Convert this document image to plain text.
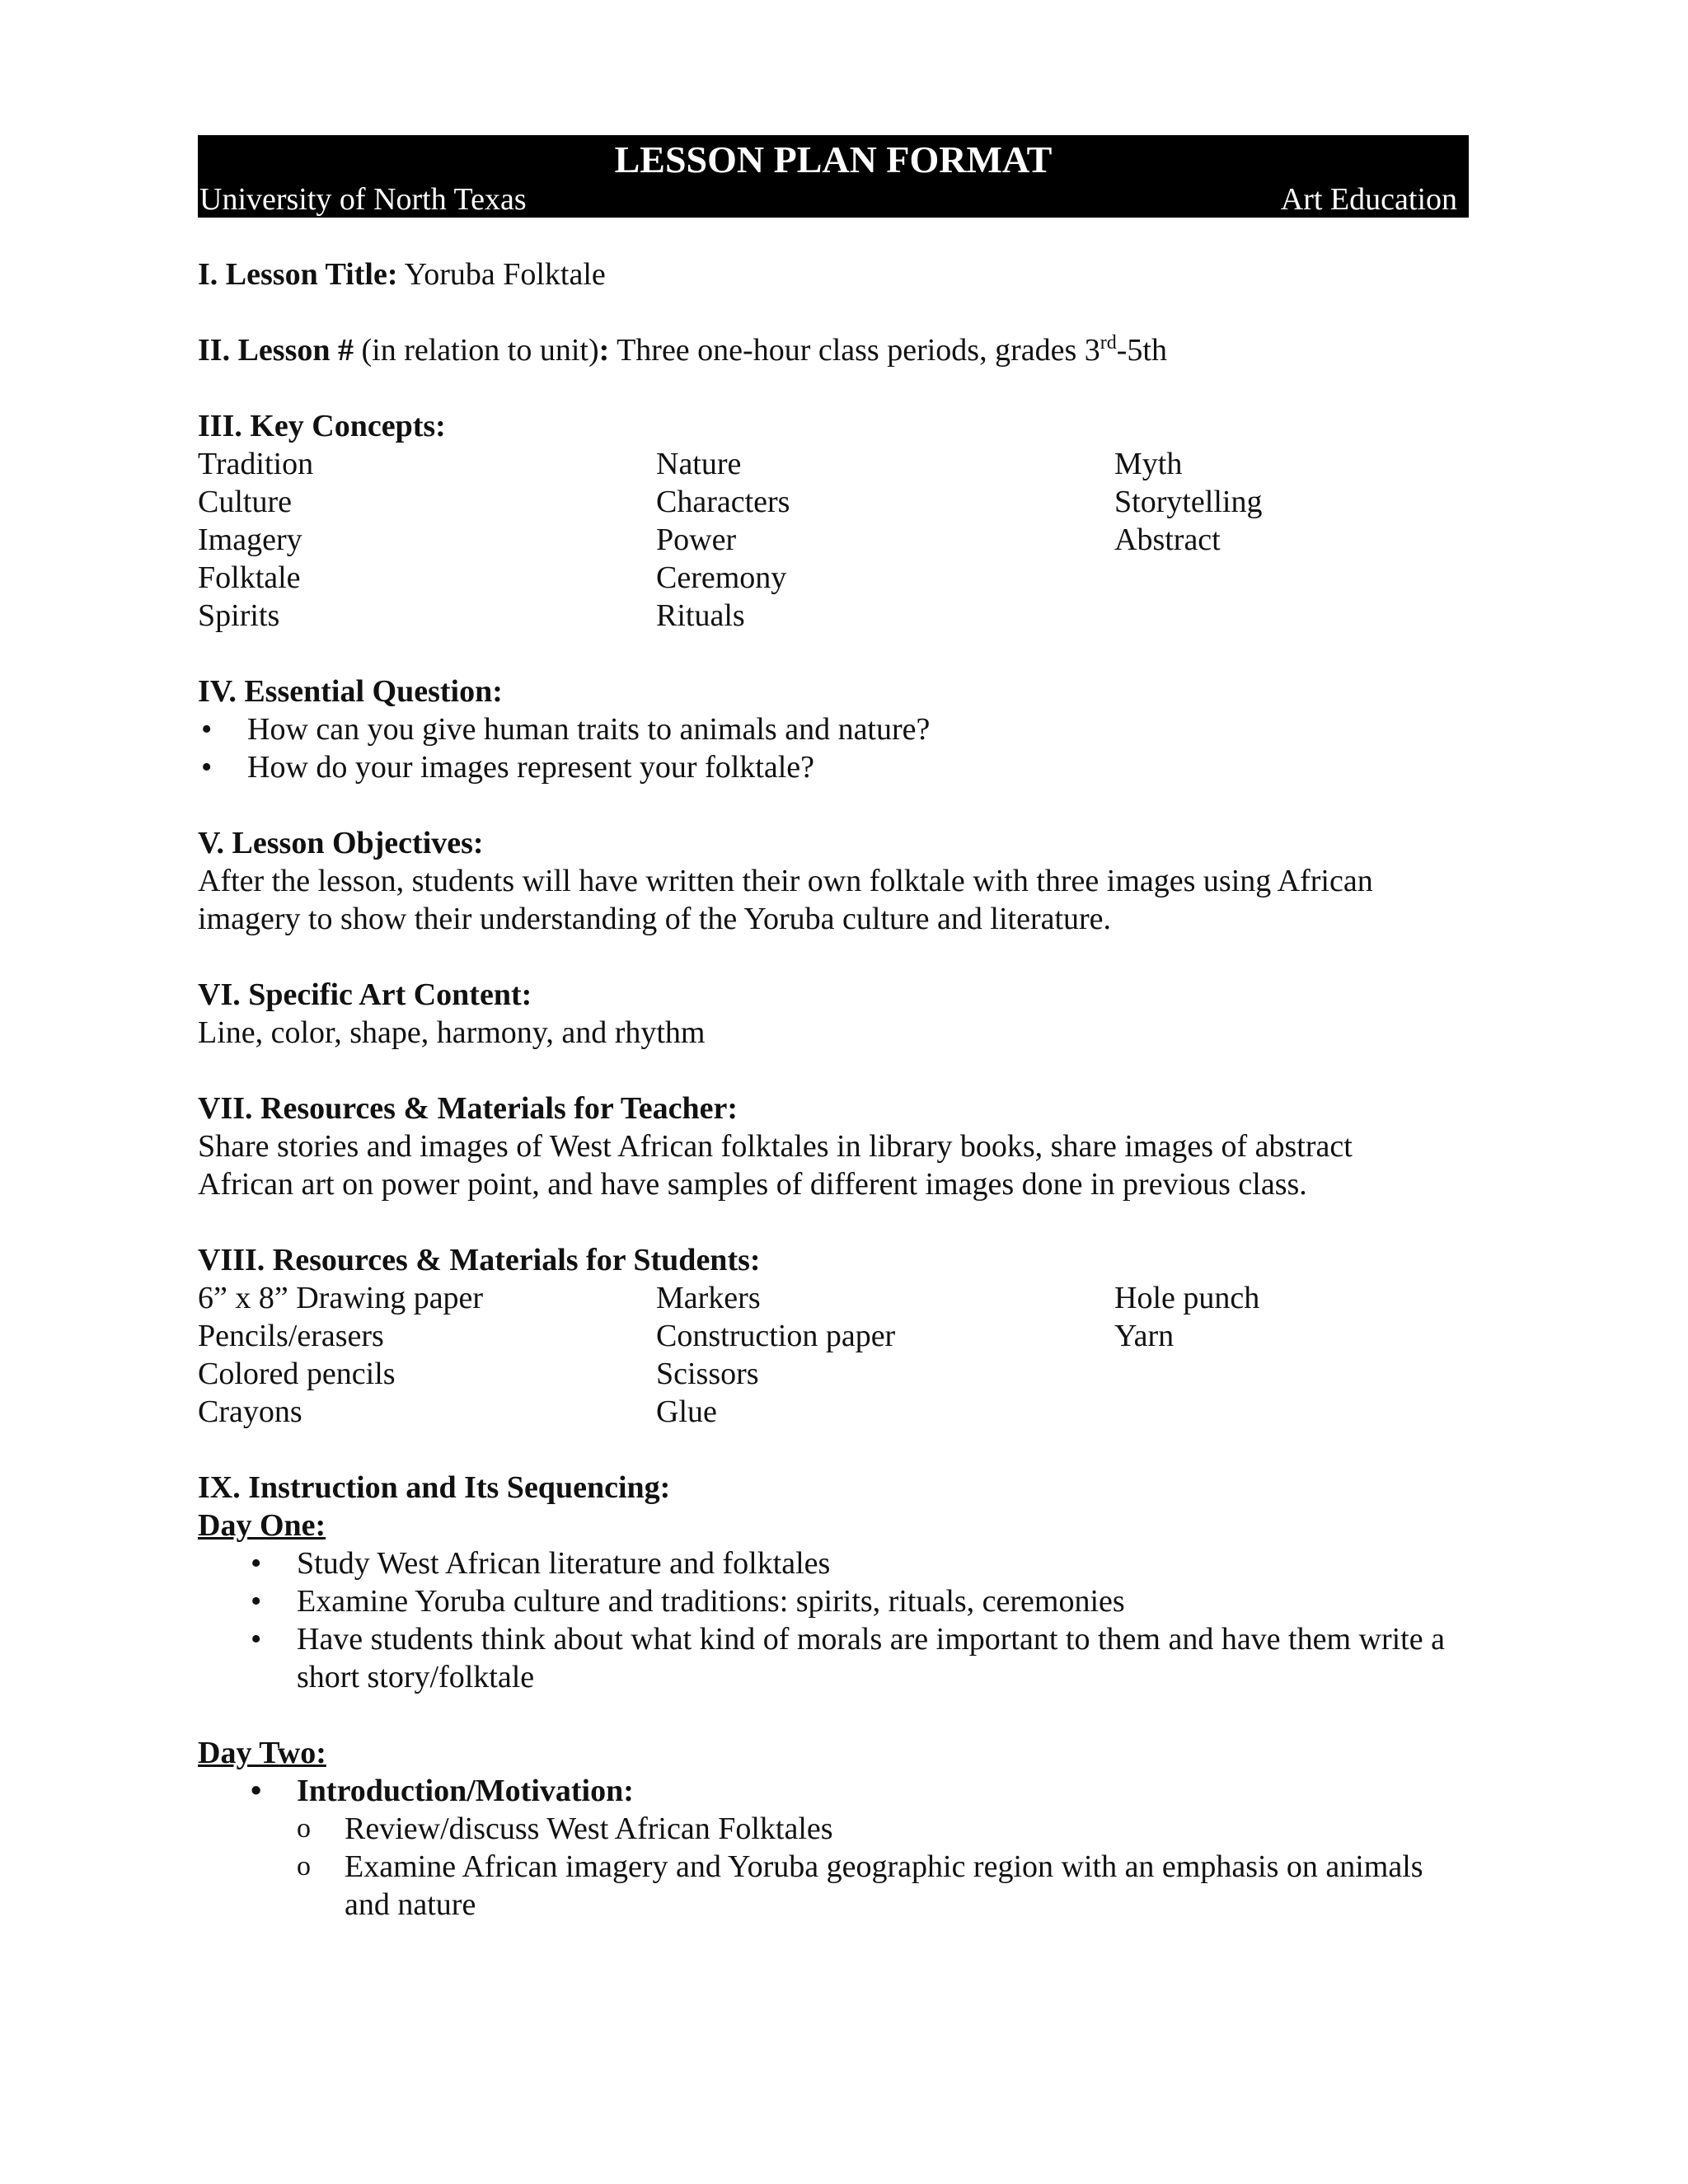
LESSON PLAN FORMAT
University of North Texas	Art Education
I. Lesson Title: Yoruba Folktale
II. Lesson # (in relation to unit): Three one-hour class periods, grades 3rd-5th
III. Key Concepts:
Tradition
Culture
Imagery
Folktale
Spirits
Nature
Characters
Power
Ceremony
Rituals
Myth
Storytelling
Abstract
IV. Essential Question:
• How can you give human traits to animals and nature?
• How do your images represent your folktale?
V. Lesson Objectives:
After the lesson, students will have written their own folktale with three images using African imagery to show their understanding of the Yoruba culture and literature.
VI. Specific Art Content:
Line, color, shape, harmony, and rhythm
VII. Resources & Materials for Teacher:
Share stories and images of West African folktales in library books, share images of abstract African art on power point, and have samples of different images done in previous class.
VIII. Resources & Materials for Students:
6” x 8” Drawing paper
Pencils/erasers
Colored pencils
Crayons
Markers
Construction paper
Scissors
Glue
Hole punch
Yarn
IX. Instruction and Its Sequencing:
Day One:
• Study West African literature and folktales
• Examine Yoruba culture and traditions: spirits, rituals, ceremonies
• Have students think about what kind of morals are important to them and have them write a short story/folktale
Day Two:
• Introduction/Motivation:
o Review/discuss West African Folktales
o Examine African imagery and Yoruba geographic region with an emphasis on animals and nature
